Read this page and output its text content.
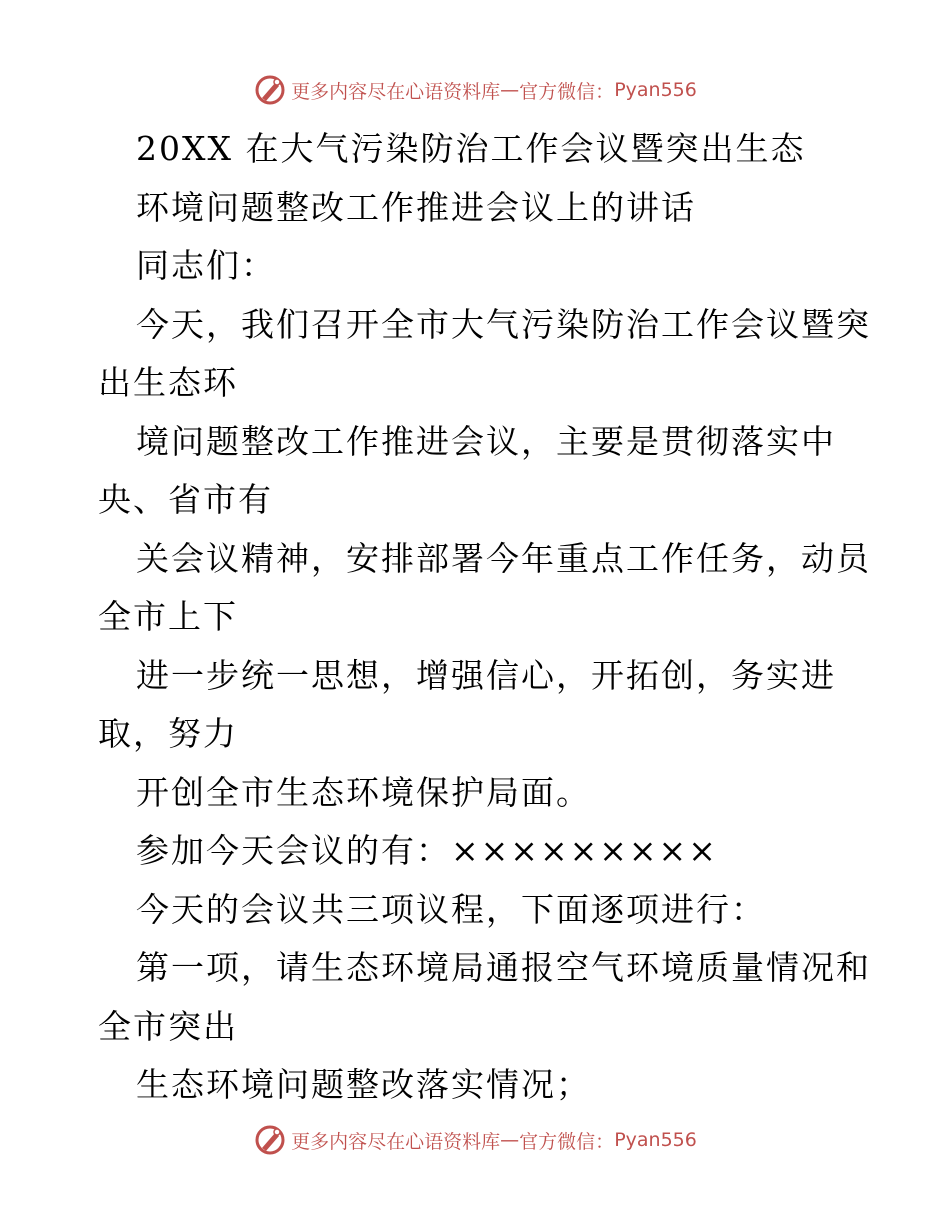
更多内容尽在心语资料库 — 官方微信： Pyan556
20XX 在大气污染防治工作会议暨突出生态
环境问题整改工作推进会议上的讲话
同志们：
今天，我们召开全市大气污染防治工作会议暨突
出生态环
境问题整改工作推进会议，主要是贯彻落实中
央、省市有
关会议精神，安排部署今年重点工作任务，动员
全市上下
进一步统一思想，增强信心，开拓创，务实进
取，努力
开创全市生态环境保护局面。
参加今天会议的有：×××××××××
今天的会议共三项议程，下面逐项进行：
第一项，请生态环境局通报空气环境质量情况和
全市突出
生态环境问题整改落实情况；
更多内容尽在心语资料库 — 官方微信： Pyan556
